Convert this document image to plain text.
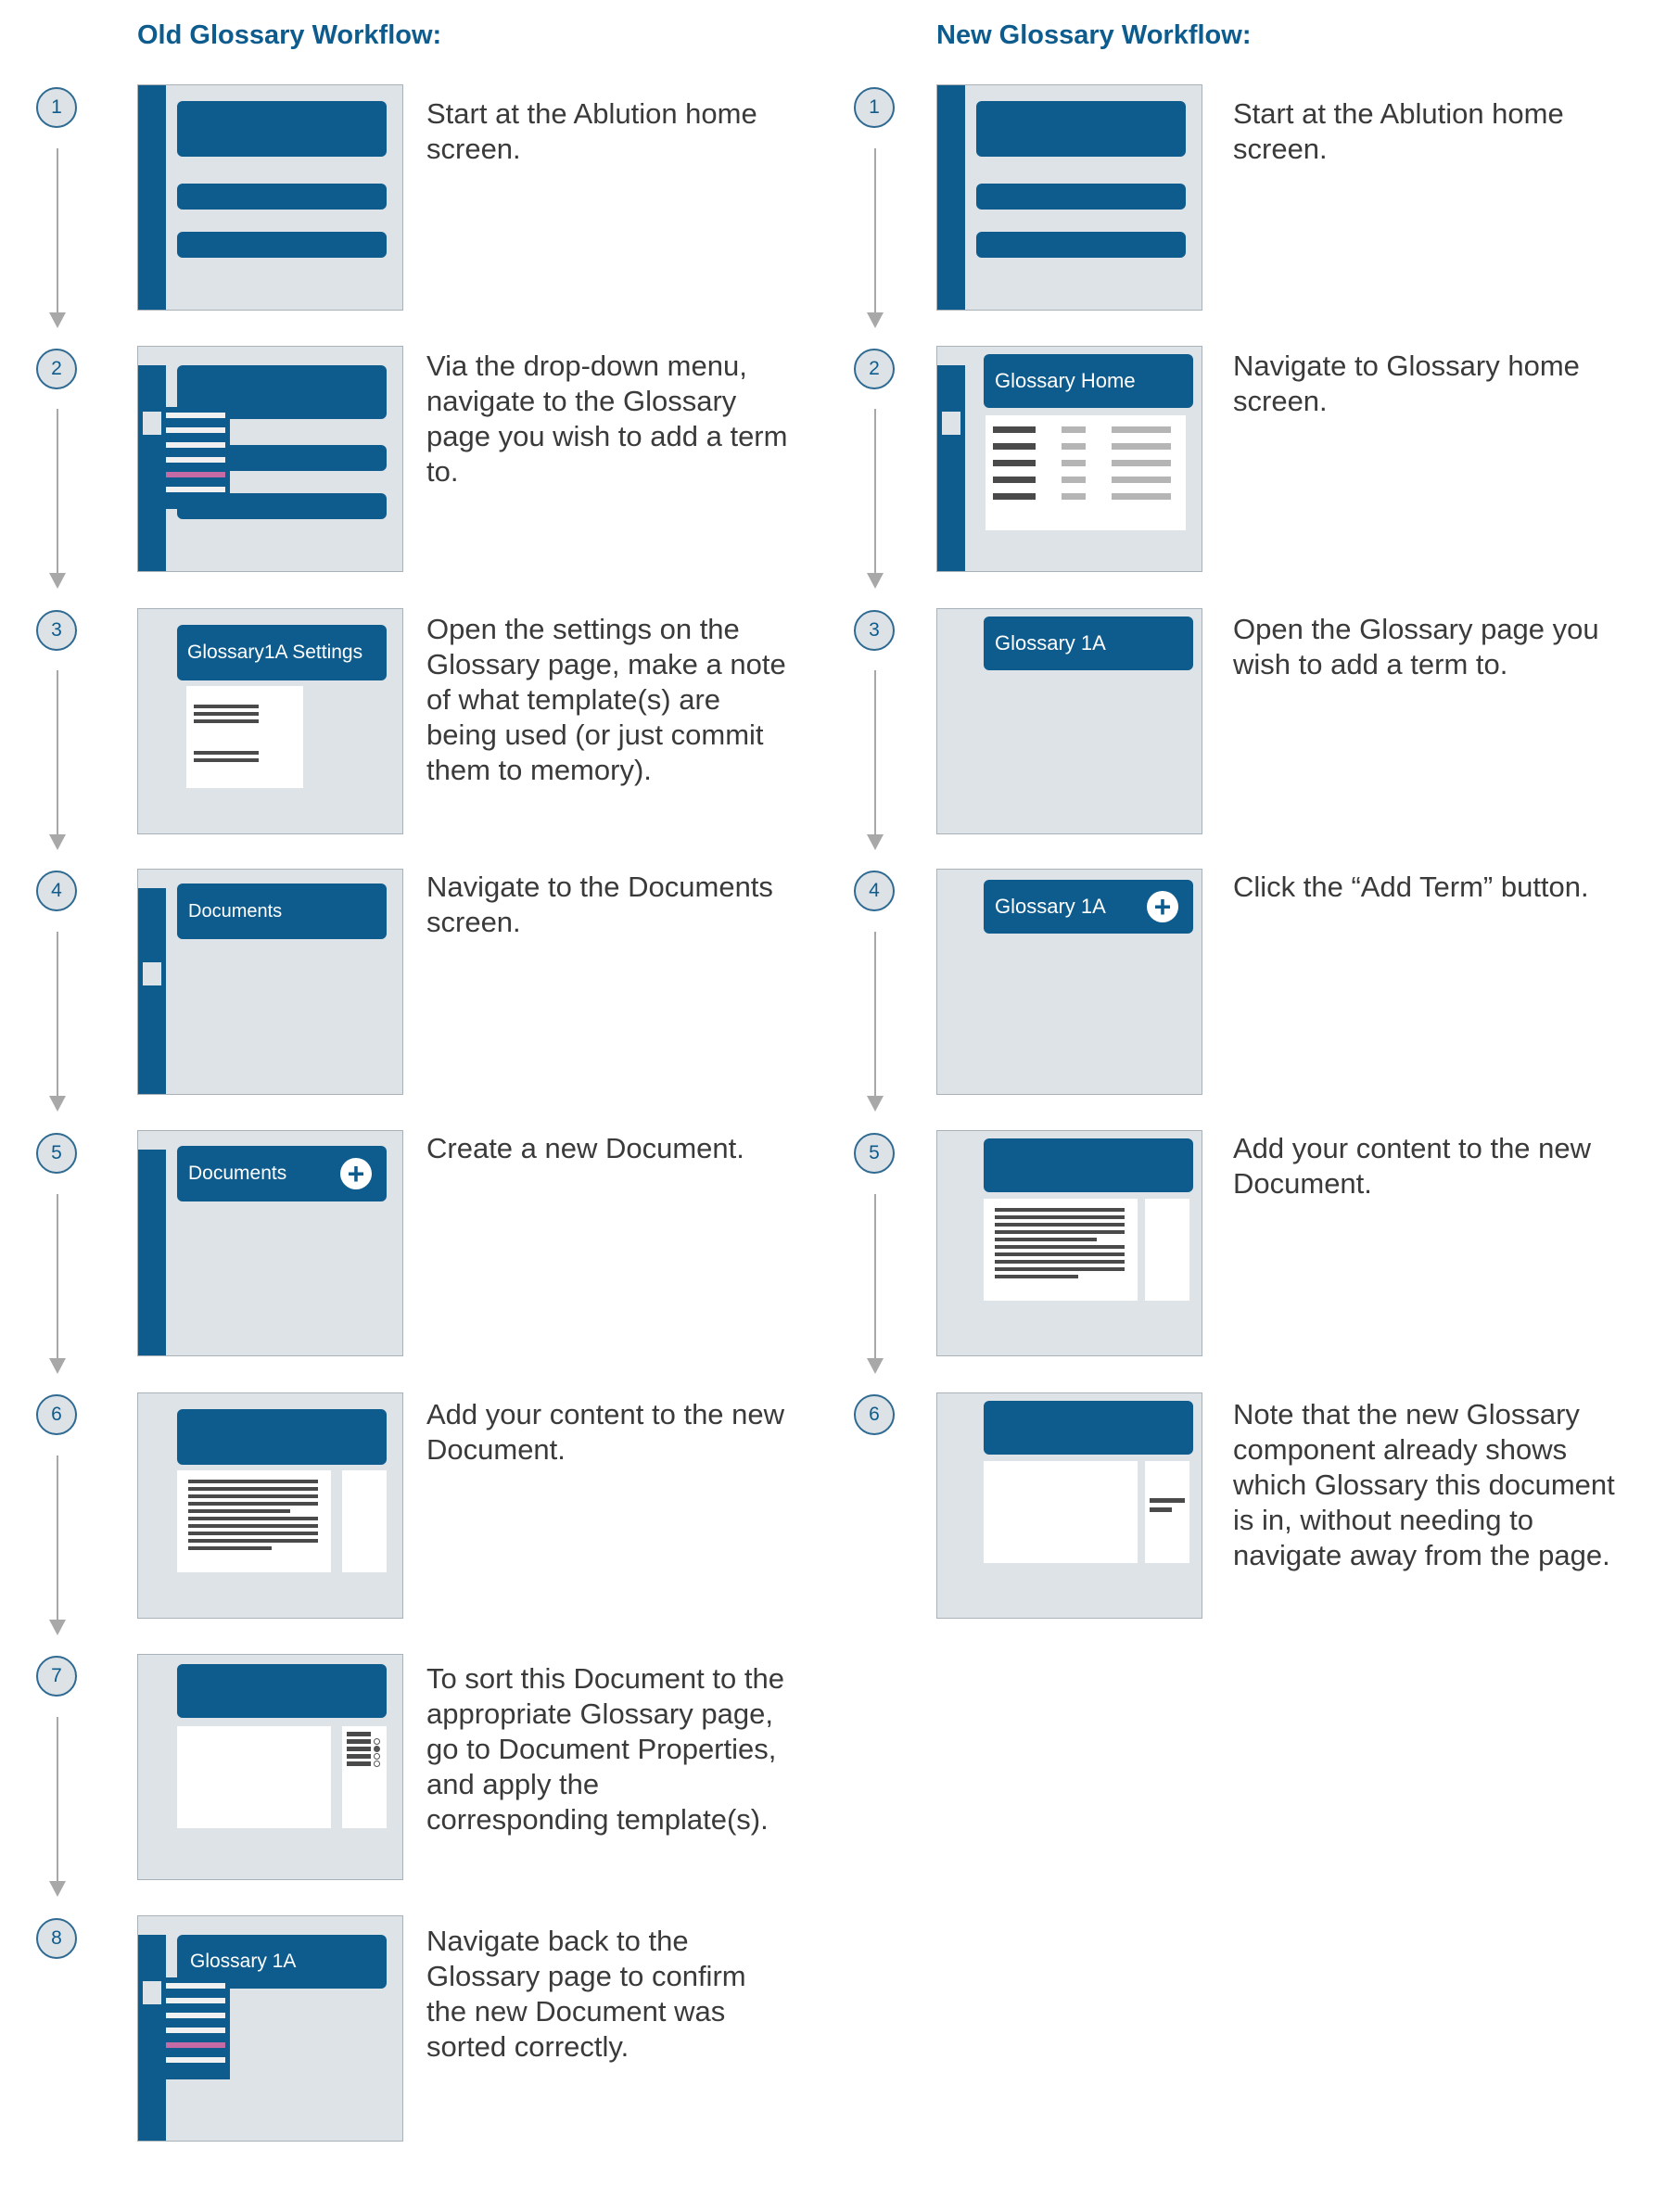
Old Glossary Workflow:	New Glossary Workflow:
1	Start at the Ablution home screen.
2	Via the drop-down menu, navigate to the Glossary page you wish to add a term to.
3
Glossary1A Settings
Open the settings on the Glossary page, make a note of what template(s) are being used (or just commit them to memory).
4
Documents
Navigate to the Documents screen.
5
Documents +
Create a new Document.
6	Add your content to the new Document.
7	To sort this Document to the appropriate Glossary page, go to Document Properties, and apply the corresponding template(s).
8
Glossary 1A
Navigate back to the Glossary page to confirm the new Document was sorted correctly.
1	Start at the Ablution home screen.
2
Glossary Home	Navigate to Glossary home screen.
3
Glossary 1A	Open the Glossary page you wish to add a term to.
4
Glossary 1A +
Click the “Add Term” button.
5	Add your content to the new Document.
6	Note that the new Glossary component already shows which Glossary this document is in, without needing to navigate away from the page.
